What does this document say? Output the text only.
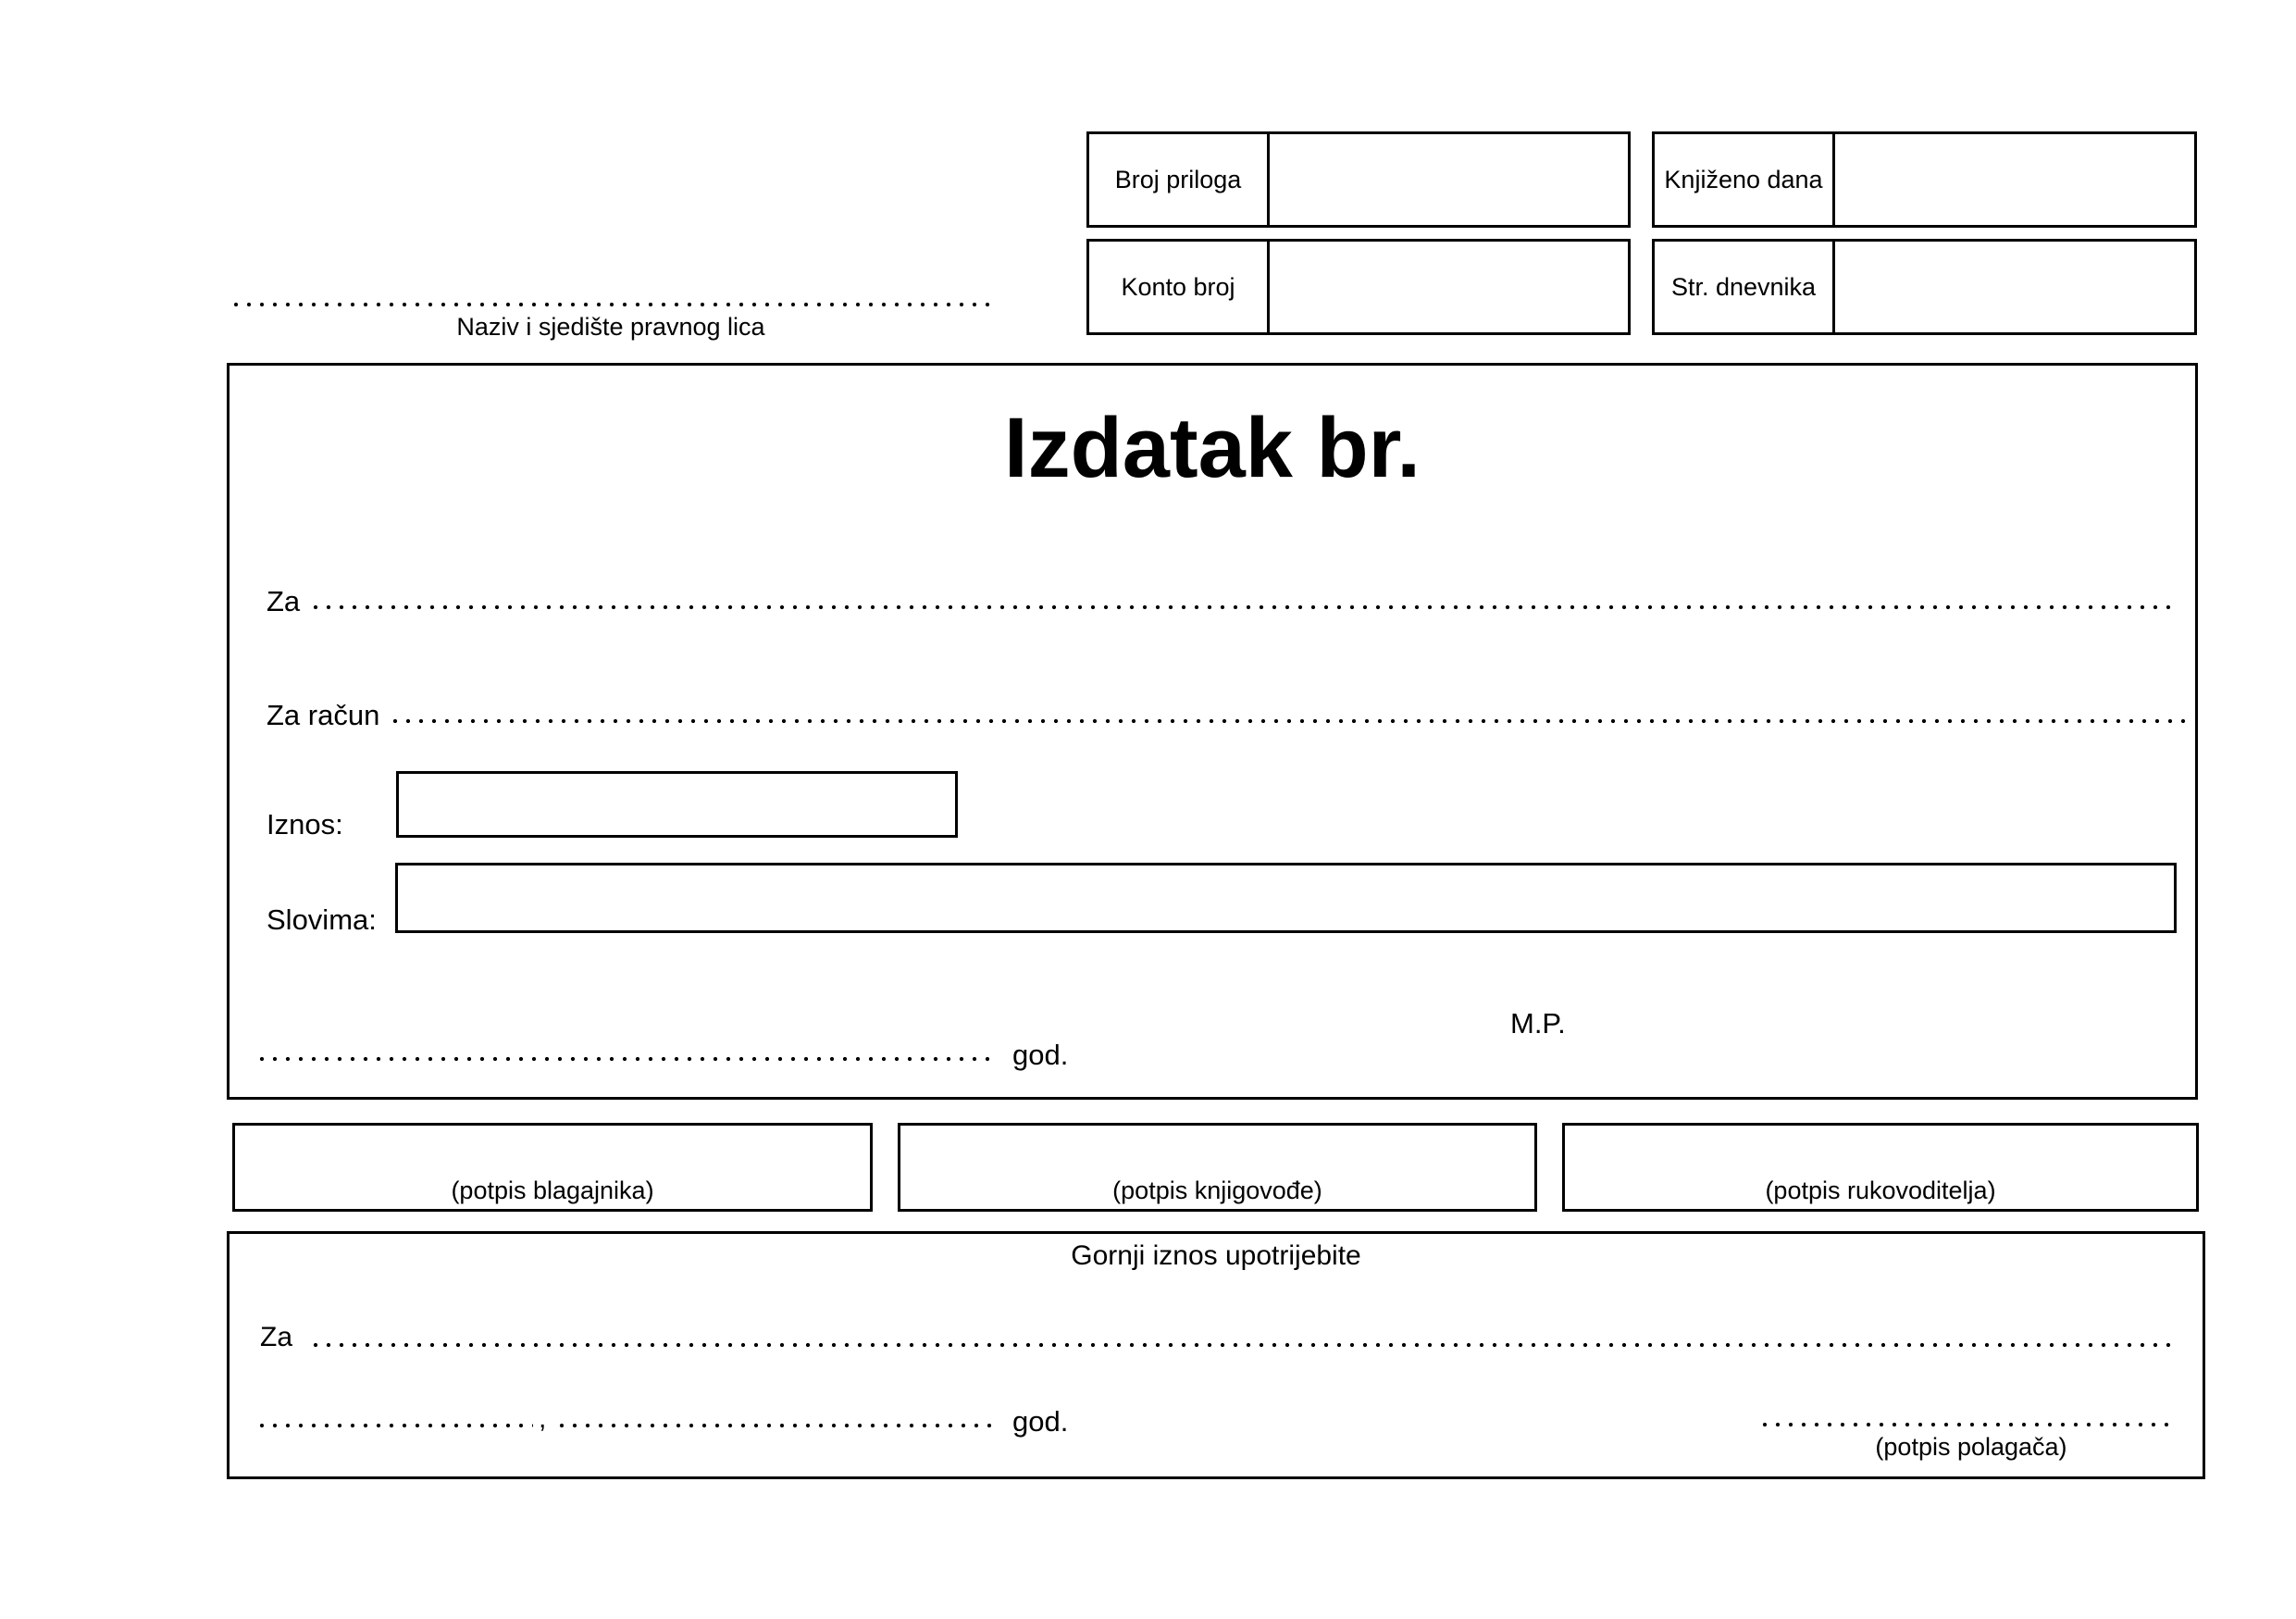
Broj priloga	Knjiženo dana
Konto broj	Str. dnevnika
Naziv i sjedište pravnog lica
Izdatak br.
Za
Za račun
Iznos:
Slovima:
M.P.
god.
(potpis blagajnika)	(potpis knjigovođe)	(potpis rukovoditelja)
Gornji iznos upotrijebite
Za
,	god.
(potpis polagača)
